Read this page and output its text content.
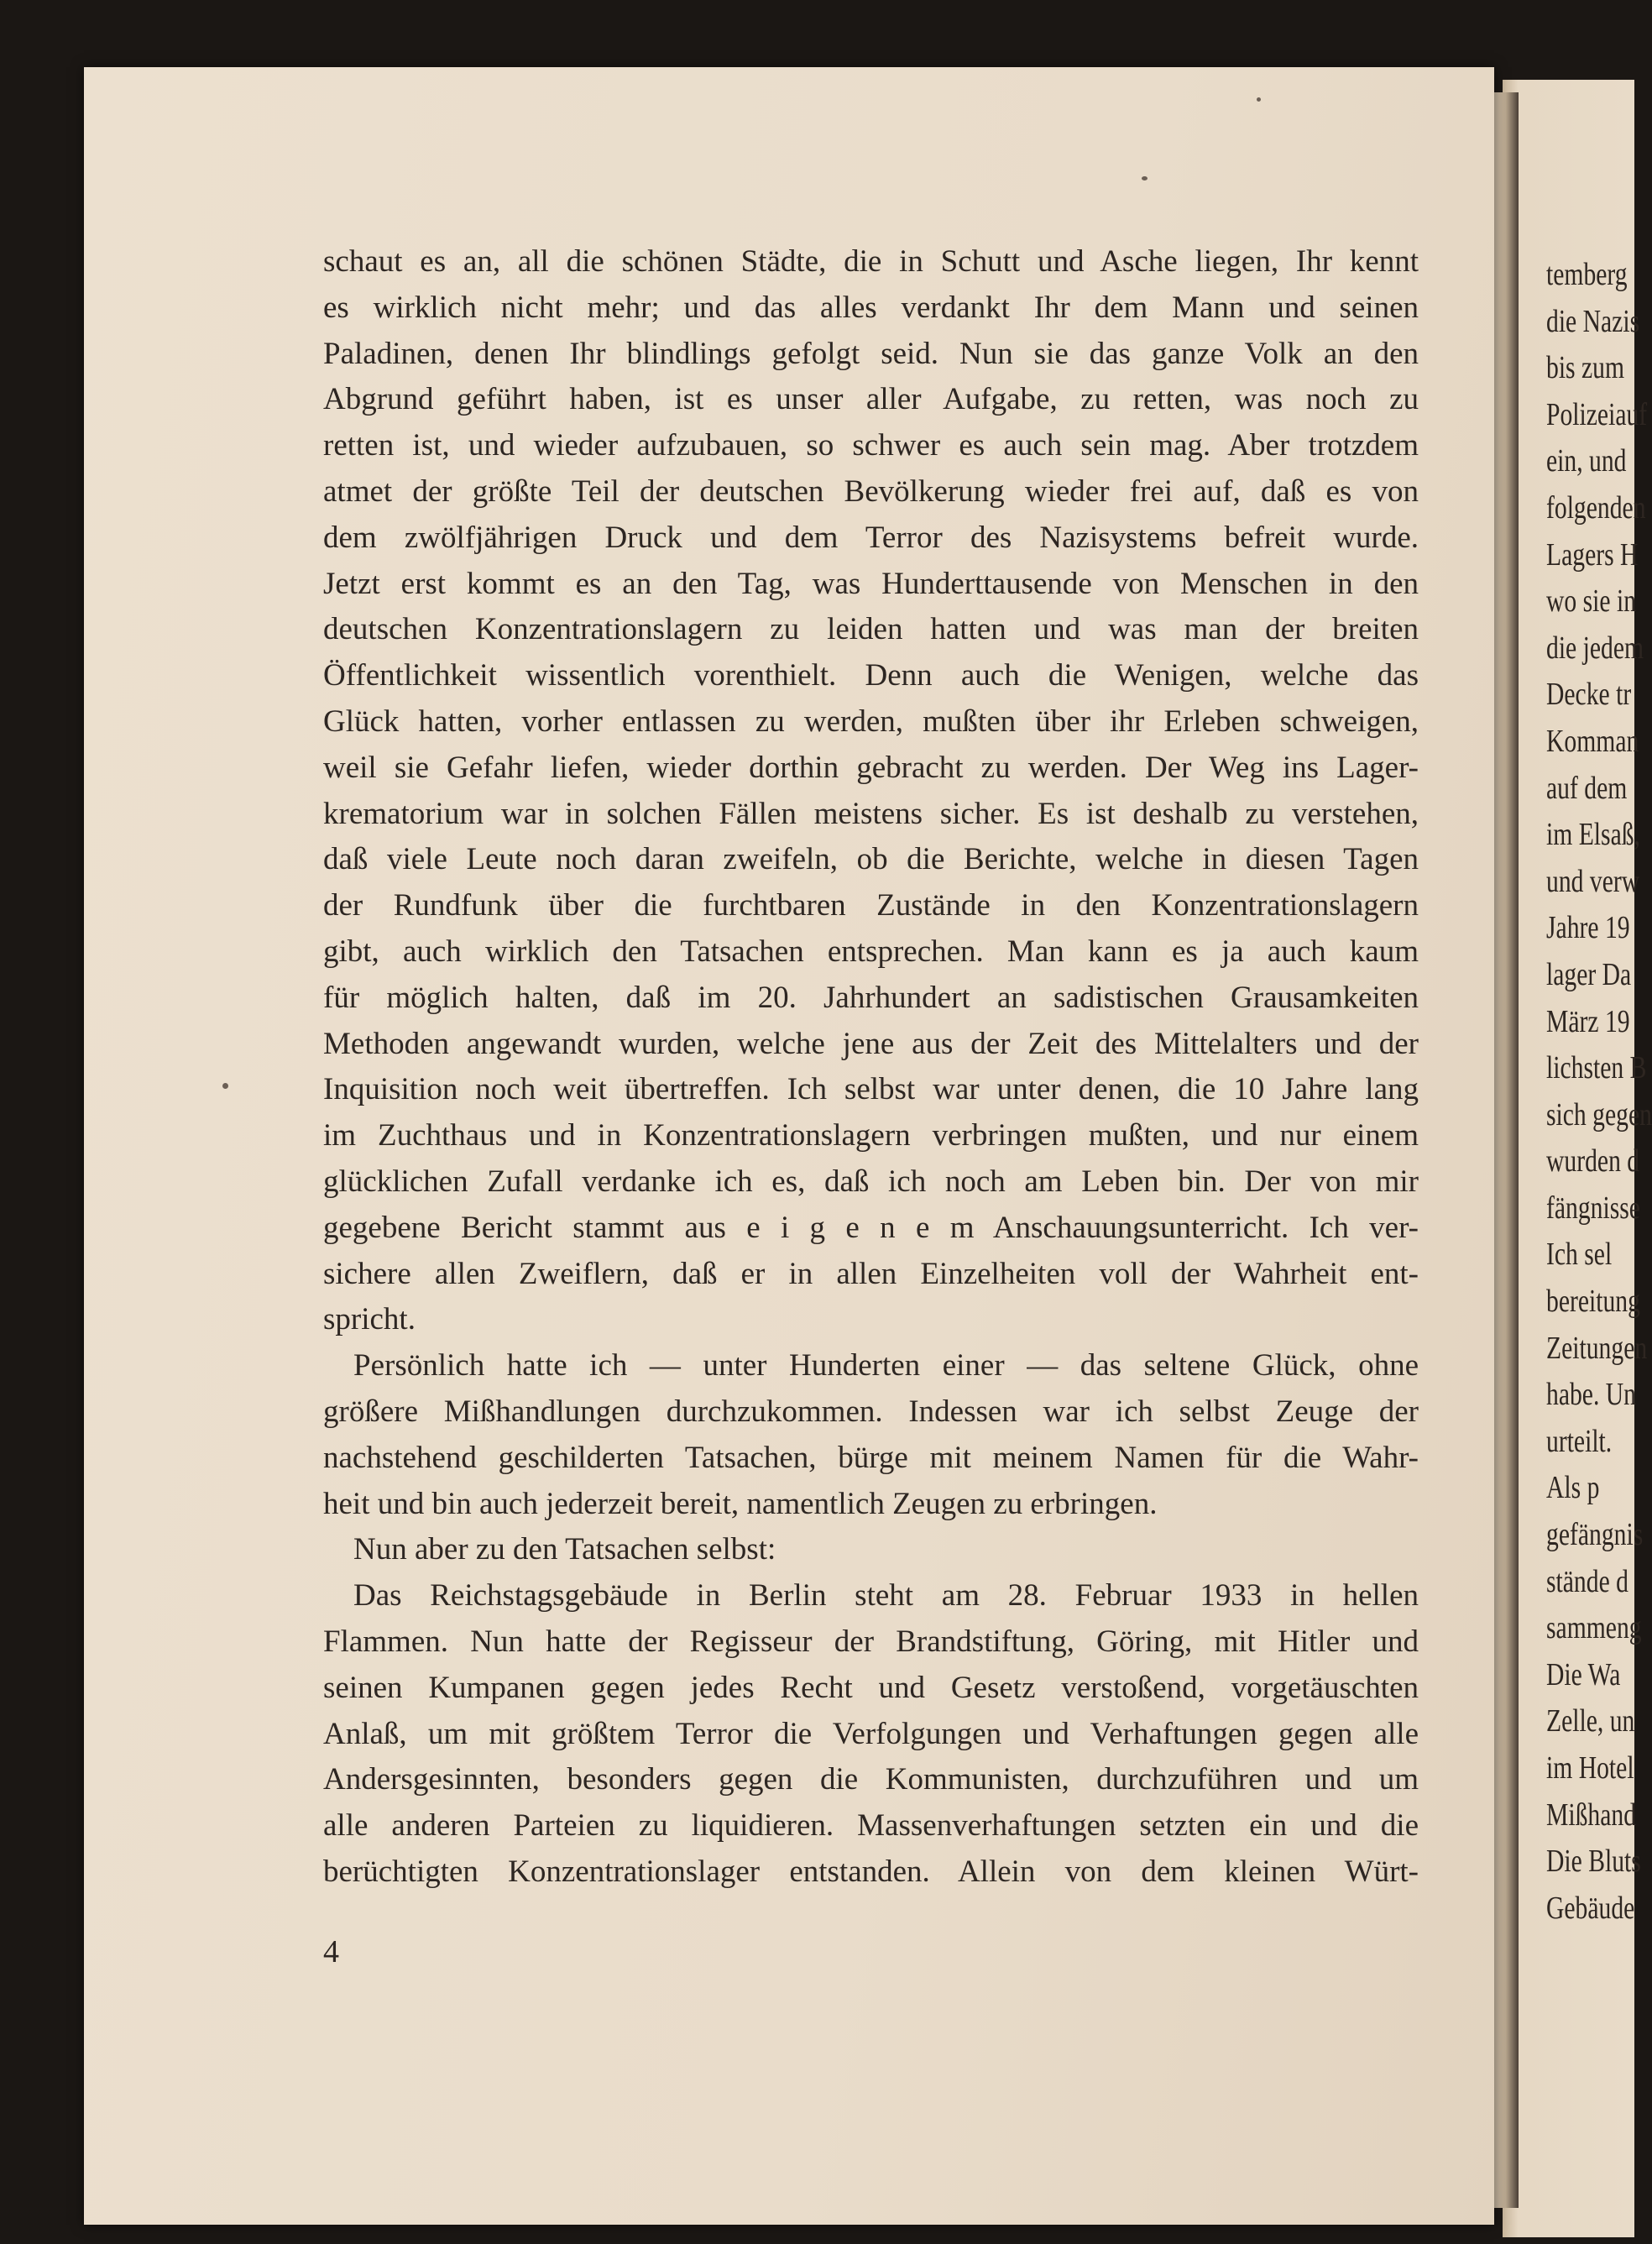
temberg
die Nazis
bis zum
Polizeiauf
ein, und
folgenden
Lagers H
wo sie in
die jedem
Decke tr
Komman
auf dem
im Elsaß,
und verw
Jahre 19
lager Da
März 19
lichsten B
sich gegen
wurden d
fängnisse
Ich sel
bereitung
Zeitungen
habe. Un
urteilt.
Als p
gefängnis
stände d
sammeng
Die Wa
Zelle, un
im Hotel
Mißhand
Die Bluts
Gebäude
schaut es an, all die schönen Städte, die in Schutt und Asche liegen, Ihr kennt
es wirklich nicht mehr; und das alles verdankt Ihr dem Mann und seinen
Paladinen, denen Ihr blindlings gefolgt seid. Nun sie das ganze Volk an den
Abgrund geführt haben, ist es unser aller Aufgabe, zu retten, was noch zu
retten ist, und wieder aufzubauen, so schwer es auch sein mag. Aber trotzdem
atmet der größte Teil der deutschen Bevölkerung wieder frei auf, daß es von
dem zwölfjährigen Druck und dem Terror des Nazisystems befreit wurde.
Jetzt erst kommt es an den Tag, was Hunderttausende von Menschen in den
deutschen Konzentrationslagern zu leiden hatten und was man der breiten
Öffentlichkeit wissentlich vorenthielt. Denn auch die Wenigen, welche das
Glück hatten, vorher entlassen zu werden, mußten über ihr Erleben schweigen,
weil sie Gefahr liefen, wieder dorthin gebracht zu werden. Der Weg ins Lager-
krematorium war in solchen Fällen meistens sicher. Es ist deshalb zu verstehen,
daß viele Leute noch daran zweifeln, ob die Berichte, welche in diesen Tagen
der Rundfunk über die furchtbaren Zustände in den Konzentrationslagern
gibt, auch wirklich den Tatsachen entsprechen. Man kann es ja auch kaum
für möglich halten, daß im 20. Jahrhundert an sadistischen Grausamkeiten
Methoden angewandt wurden, welche jene aus der Zeit des Mittelalters und der
Inquisition noch weit übertreffen. Ich selbst war unter denen, die 10 Jahre lang
im Zuchthaus und in Konzentrationslagern verbringen mußten, und nur einem
glücklichen Zufall verdanke ich es, daß ich noch am Leben bin. Der von mir
gegebene Bericht stammt aus e i g e n e m Anschauungsunterricht. Ich ver-
sichere allen Zweiflern, daß er in allen Einzelheiten voll der Wahrheit ent-
spricht.
Persönlich hatte ich — unter Hunderten einer — das seltene Glück, ohne
größere Mißhandlungen durchzukommen. Indessen war ich selbst Zeuge der
nachstehend geschilderten Tatsachen, bürge mit meinem Namen für die Wahr-
heit und bin auch jederzeit bereit, namentlich Zeugen zu erbringen.
Nun aber zu den Tatsachen selbst:
Das Reichstagsgebäude in Berlin steht am 28. Februar 1933 in hellen
Flammen. Nun hatte der Regisseur der Brandstiftung, Göring, mit Hitler und
seinen Kumpanen gegen jedes Recht und Gesetz verstoßend, vorgetäuschten
Anlaß, um mit größtem Terror die Verfolgungen und Verhaftungen gegen alle
Andersgesinnten, besonders gegen die Kommunisten, durchzuführen und um
alle anderen Parteien zu liquidieren. Massenverhaftungen setzten ein und die
berüchtigten Konzentrationslager entstanden. Allein von dem kleinen Würt-
4
